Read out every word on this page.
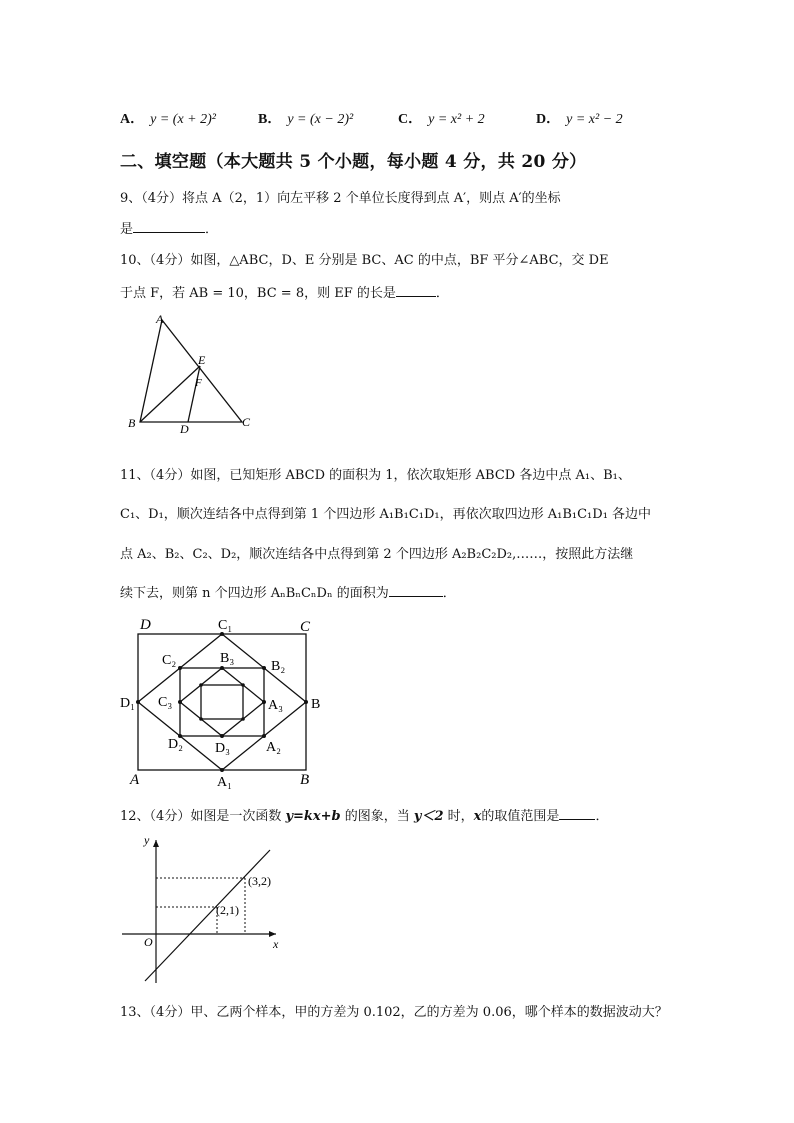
A． y = (x + 2)²	B． y = (x − 2)²	C． y = x² + 2	D． y = x² − 2
二、填空题（本大题共 5 个小题，每小题 4 分，共 20 分）
9、（4分）将点 A（2，1）向左平移 2 个单位长度得到点 A′，则点 A′的坐标
是	．
10、（4分）如图，△ABC，D、E 分别是 BC、AC 的中点，BF 平分∠ABC，交 DE
于点 F，若 AB = 10，BC = 8，则 EF 的长是	．
A
B	C
D
E
F
11、（4分）如图，已知矩形 ABCD 的面积为 1，依次取矩形 ABCD 各边中点 A₁、B₁、
C₁、D₁，顺次连结各中点得到第 1 个四边形 A₁B₁C₁D₁，再依次取四边形 A₁B₁C₁D₁ 各边中
点 A₂、B₂、C₂、D₂，顺次连结各中点得到第 2 个四边形 A₂B₂C₂D₂,……，按照此方法继
续下去，则第 n 个四边形 AₙBₙCₙDₙ 的面积为	．
D	C
A	B
C₁
D₁	B
A₁
C₂	B₂
A₂
D₂
B₃
C₃	A₃
D₃
12、（4分）如图是一次函数 y=kx+b 的图象，当 y＜2 时，x的取值范围是	．
y
x
O
(2,1)
(3,2)
13、（4分）甲、乙两个样本，甲的方差为 0.102，乙的方差为 0.06，哪个样本的数据波动大？
